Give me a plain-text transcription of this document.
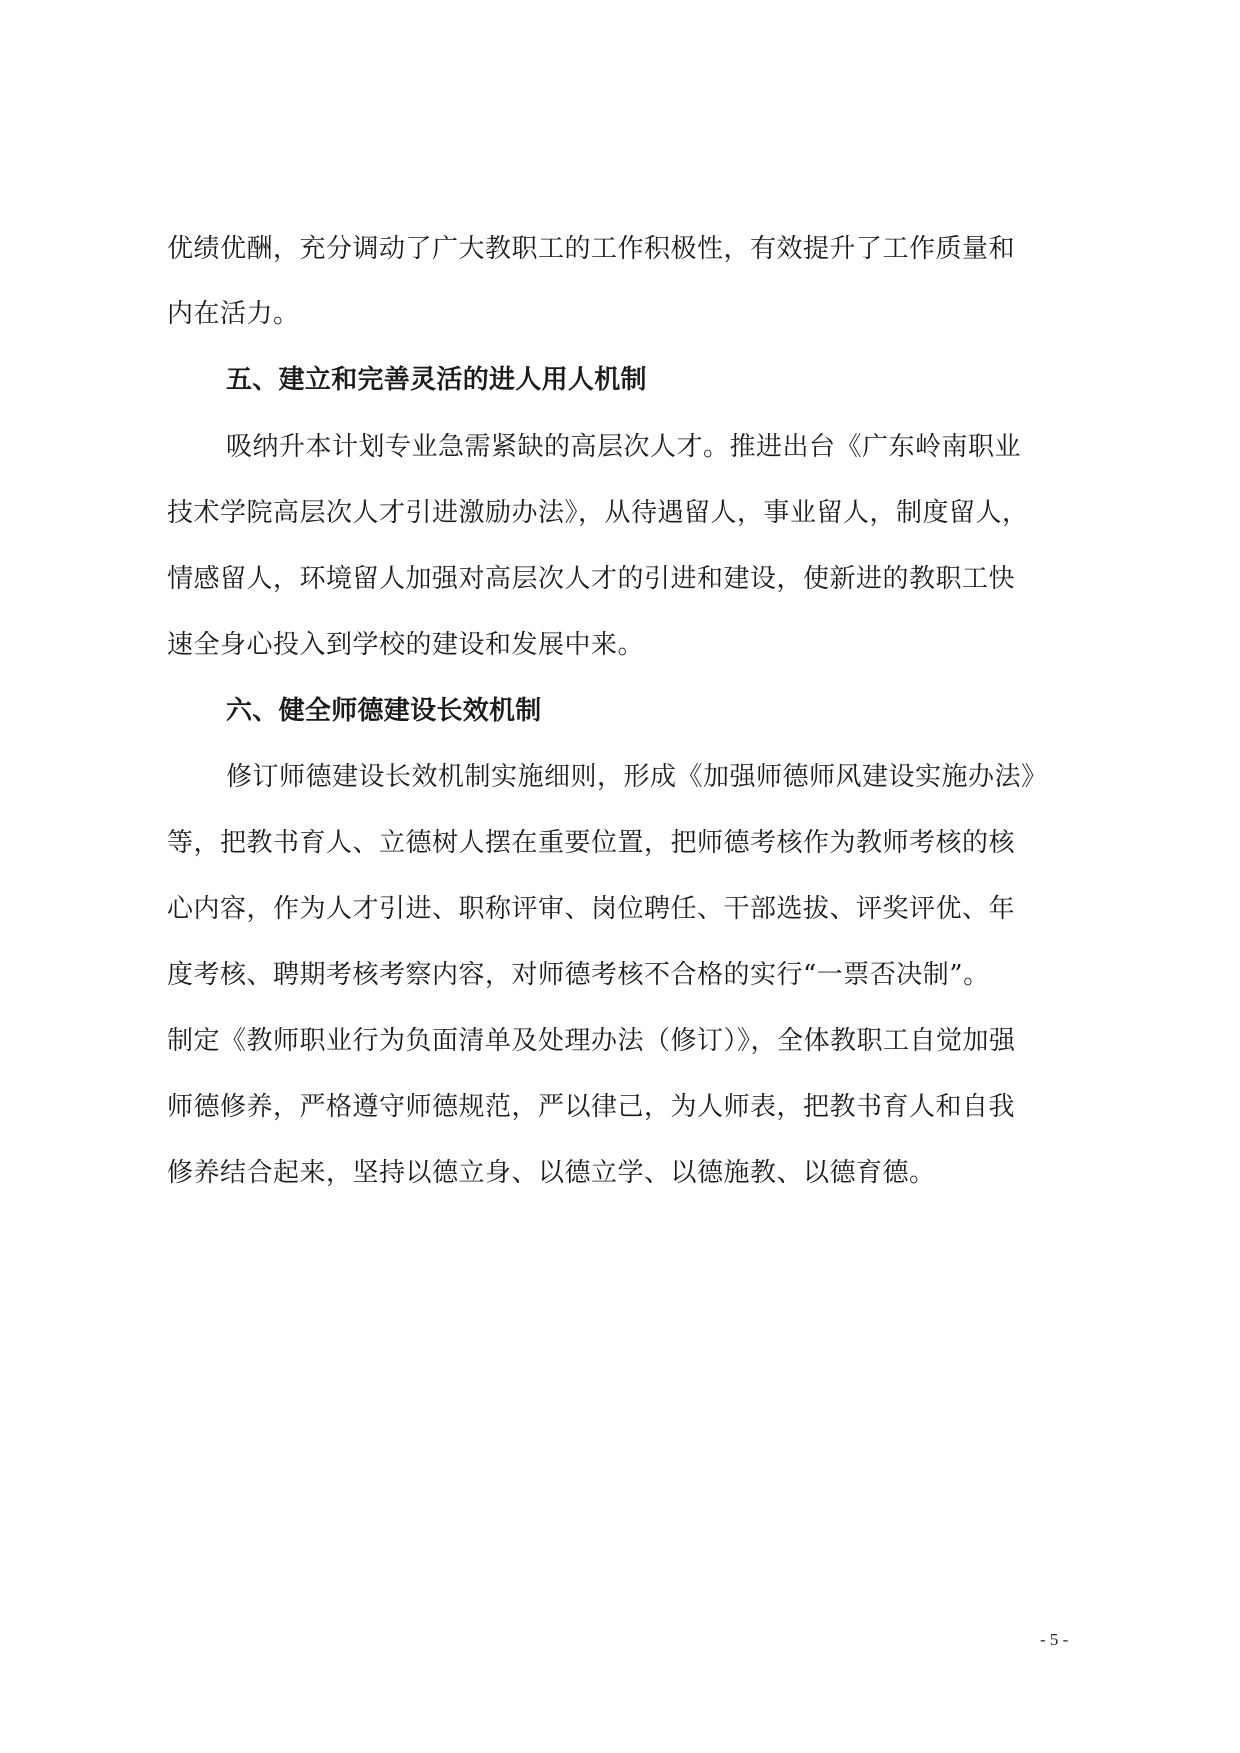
优绩优酬，充分调动了广大教职工的工作积极性，有效提升了工作质量和
内在活力。
五、建立和完善灵活的进人用人机制
吸纳升本计划专业急需紧缺的高层次人才。推进出台《广东岭南职业
技术学院高层次人才引进激励办法》，从待遇留人，事业留人，制度留人，
情感留人，环境留人加强对高层次人才的引进和建设，使新进的教职工快
速全身心投入到学校的建设和发展中来。
六、健全师德建设长效机制
修订师德建设长效机制实施细则，形成《加强师德师风建设实施办法》
等，把教书育人、立德树人摆在重要位置，把师德考核作为教师考核的核
心内容，作为人才引进、职称评审、岗位聘任、干部选拔、评奖评优、年
度考核、聘期考核考察内容，对师德考核不合格的实行“一票否决制”。
制定《教师职业行为负面清单及处理办法（修订）》，全体教职工自觉加强
师德修养，严格遵守师德规范，严以律己，为人师表，把教书育人和自我
修养结合起来，坚持以德立身、以德立学、以德施教、以德育德。
- 5 -
